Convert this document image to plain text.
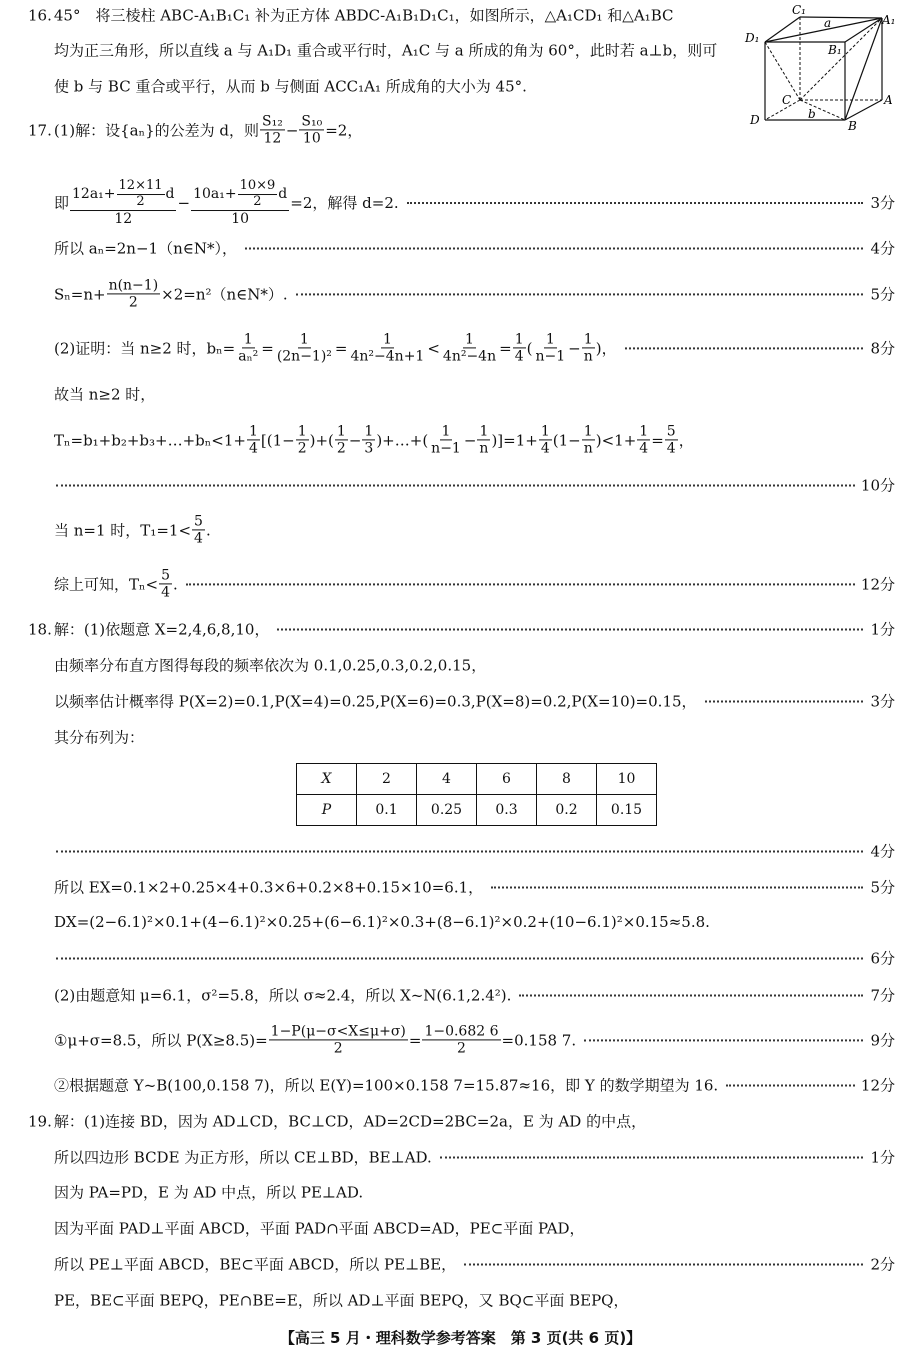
16. 45°　将三棱柱 ABC-A₁B₁C₁ 补为正方体 ABDC-A₁B₁D₁C₁，如图所示，△A₁CD₁ 和△A₁BC
均为正三角形，所以直线 a 与 A₁D₁ 重合或平行时，A₁C 与 a 所成的角为 60°，此时若 a⊥b，则可
使 b 与 BC 重合或平行，从而 b 与侧面 ACC₁A₁ 所成角的大小为 45°.
17. (1)解：设{aₙ}的公差为 d，则 $\frac{\text{S₁₂}}{12} - \frac{\text{S₁₀}}{10} =2$，
即 $\frac{12a_1+ \frac{12\times 11}{2} d}{12} - \frac{10a_1+ \frac{10\times 9}{2} d}{10} =2$，解得 d=2.	3分
所以 aₙ=2n−1（n∈N*），	4分
$S_n=n+ \frac{n(n-1)}{2}$ ×2=n²（n∈N*）.	5分
(2)证明：当 n≥2 时，$b_n= \frac{1}{\text{aₙ²}} = \frac{1}{\text{(2n−1)²}} = \frac{1}{\text{4n²−4n+1}} < \frac{1}{\text{4n²−4n}} = \frac{1}{4}$ ( $\frac{1}{n-1} - \frac{1}{n}$ )，	8分
故当 n≥2 时，
Tₙ=b₁+b₂+b₃+…+bₙ<1+ $\frac{1}{4} [(1- \frac{1}{2}$ )+( $\frac{1}{2} - \frac{1}{3}$ )+…+( $\frac{1}{n-1} - \frac{1}{n} )]=1+ \frac{1}{4} (1- \frac{1}{n} )<1+ \frac{1}{4} = \frac{5}{4}$ ，
10分
当 n=1 时，$T_1=1< \frac{5}{4}$ .
综上可知，$T_n< \frac{5}{4}$ .	12分
18. 解：(1)依题意 X=2,4,6,8,10，	1分
由频率分布直方图得每段的频率依次为 0.1,0.25,0.3,0.2,0.15，
以频率估计概率得 P(X=2)=0.1,P(X=4)=0.25,P(X=6)=0.3,P(X=8)=0.2,P(X=10)=0.15，	3分
其分布列为：
4分
所以 EX=0.1×2+0.25×4+0.3×6+0.2×8+0.15×10=6.1，	5分
DX=(2−6.1)²×0.1+(4−6.1)²×0.25+(6−6.1)²×0.3+(8−6.1)²×0.2+(10−6.1)²×0.15≈5.8.
6分
(2)由题意知 μ=6.1，σ²=5.8，所以 σ≈2.4，所以 X~N(6.1,2.4²).	7分
①μ+σ=8.5，所以 $P(X\ge 8.5)= \frac{1-P(\mu-\sigma<X\le\mu+\sigma)}{2} = \frac{1-0.682 6}{2} =0.158$ 7.	9分
②根据题意 Y~B(100,0.158 7)，所以 E(Y)=100×0.158 7=15.87≈16，即 Y 的数学期望为 16.	12分
19. 解：(1)连接 BD，因为 AD⊥CD，BC⊥CD，AD=2CD=2BC=2a，E 为 AD 的中点，
所以四边形 BCDE 为正方形，所以 CE⊥BD，BE⊥AD.	1分
因为 PA=PD，E 为 AD 中点，所以 PE⊥AD.
因为平面 PAD⊥平面 ABCD，平面 PAD∩平面 ABCD=AD，PE⊂平面 PAD，
所以 PE⊥平面 ABCD，BE⊂平面 ABCD，所以 PE⊥BE，	2分
PE，BE⊂平面 BEPQ，PE∩BE=E，所以 AD⊥平面 BEPQ，又 BQ⊂平面 BEPQ，
X	2	4	6	8	10
P	0.1	0.25	0.3	0.2	0.15
C₁
A₁
D₁
B₁
a
C	A
D	B
b
【高三 5 月・理科数学参考答案　第 3 页(共 6 页)】
